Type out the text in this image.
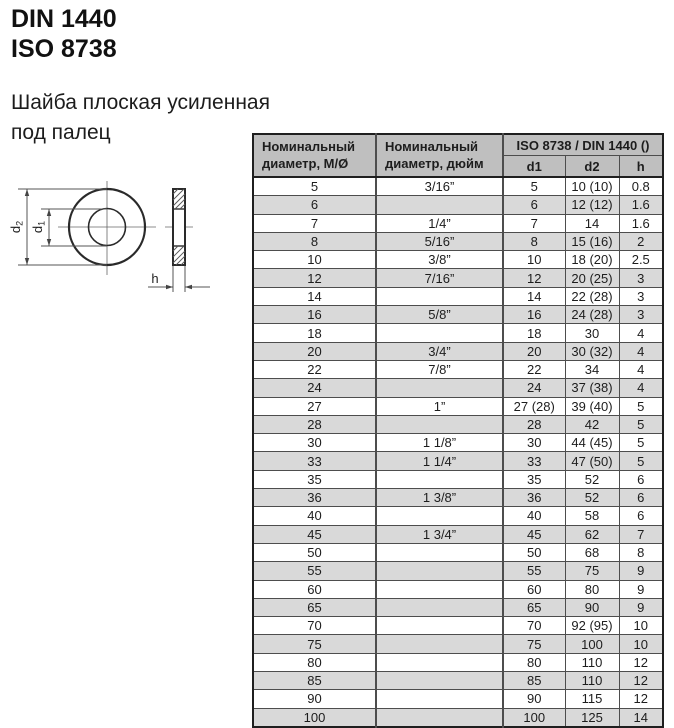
DIN 1440
ISO 8738
Шайба плоская усиленная
под палец
d2
d1
h
Номинальный диаметр, М/Ø	Номинальный диаметр, дюйм	ISO 8738 / DIN 1440 ()		
		d1	d2	h
5	3/16”	5	10 (10)	0.8
6		6	12 (12)	1.6
7	1/4”	7	14	1.6
8	5/16”	8	15 (16)	2
10	3/8”	10	18 (20)	2.5
12	7/16”	12	20 (25)	3
14		14	22 (28)	3
16	5/8”	16	24 (28)	3
18		18	30	4
20	3/4”	20	30 (32)	4
22	7/8”	22	34	4
24		24	37 (38)	4
27	1”	27 (28)	39 (40)	5
28		28	42	5
30	1 1/8”	30	44 (45)	5
33	1 1/4”	33	47 (50)	5
35		35	52	6
36	1 3/8”	36	52	6
40		40	58	6
45	1 3/4”	45	62	7
50		50	68	8
55		55	75	9
60		60	80	9
65		65	90	9
70		70	92 (95)	10
75		75	100	10
80		80	110	12
85		85	110	12
90		90	115	12
100		100	125	14
